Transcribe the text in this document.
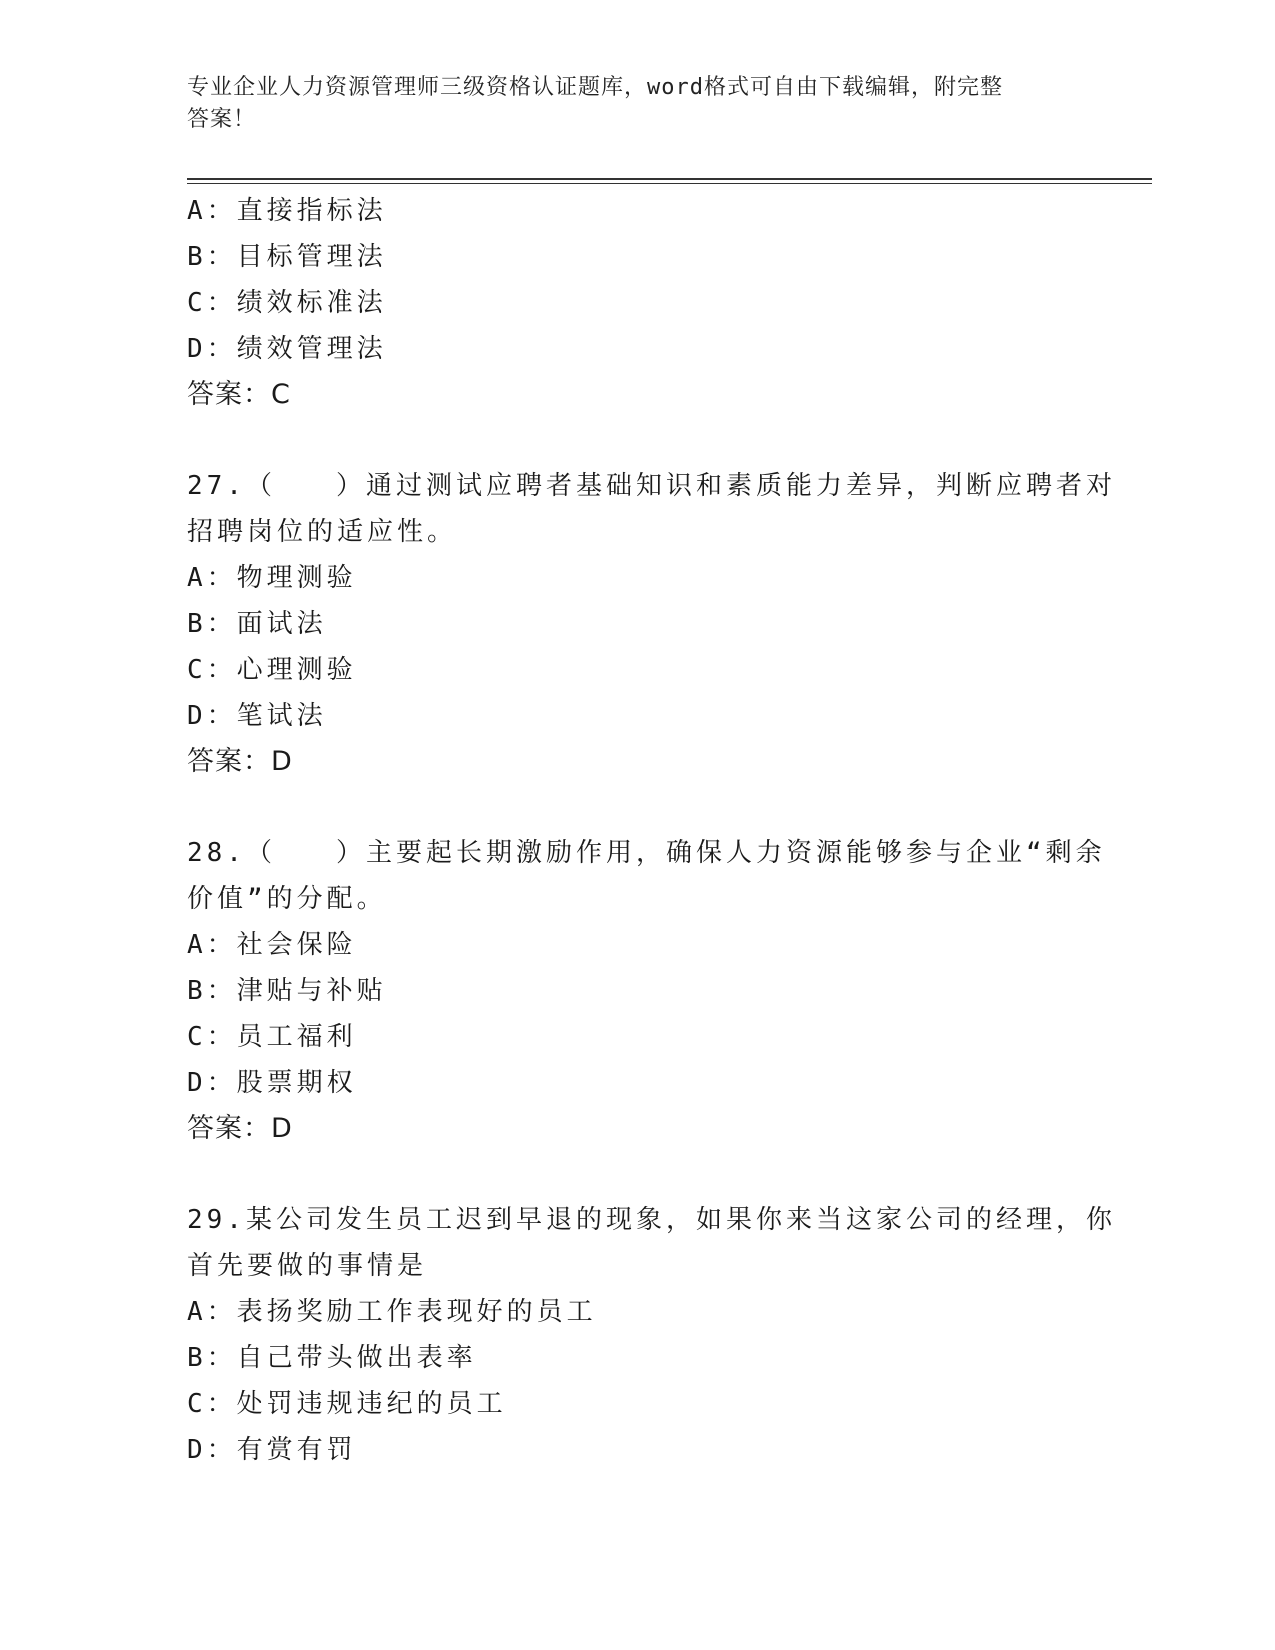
专业企业人力资源管理师三级资格认证题库，word格式可自由下载编辑，附完整
答案！
A：直接指标法
B：目标管理法
C：绩效标准法
D：绩效管理法
答案：C
27.（　　）通过测试应聘者基础知识和素质能力差异，判断应聘者对
招聘岗位的适应性。
A：物理测验
B：面试法
C：心理测验
D：笔试法
答案：D
28.（　　）主要起长期激励作用，确保人力资源能够参与企业“剩余
价值”的分配。
A：社会保险
B：津贴与补贴
C：员工福利
D：股票期权
答案：D
29.某公司发生员工迟到早退的现象，如果你来当这家公司的经理，你
首先要做的事情是
A：表扬奖励工作表现好的员工
B：自己带头做出表率
C：处罚违规违纪的员工
D：有赏有罚
